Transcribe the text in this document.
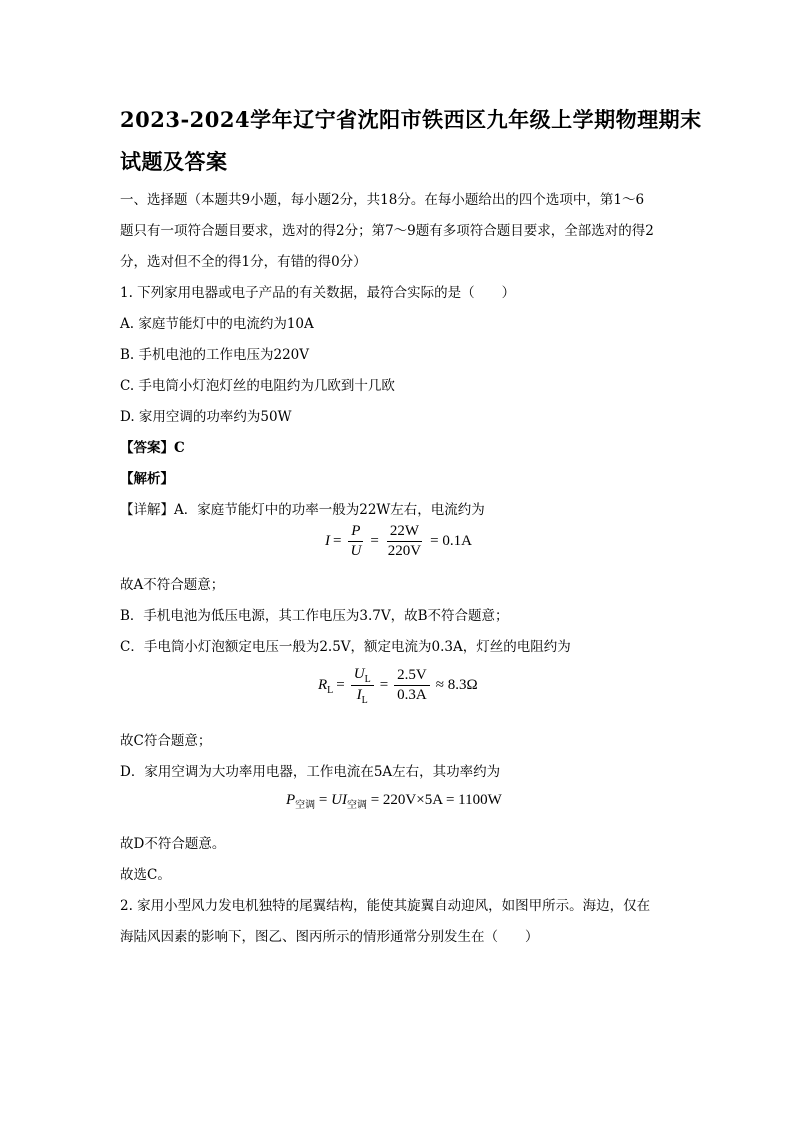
2023-2024学年辽宁省沈阳市铁西区九年级上学期物理期末
试题及答案
一、选择题（本题共9小题，每小题2分，共18分。在每小题给出的四个选项中，第1～6
题只有一项符合题目要求，选对的得2分；第7～9题有多项符合题目要求，全部选对的得2
分，选对但不全的得1分，有错的得0分）
1. 下列家用电器或电子产品的有关数据，最符合实际的是（　　）
A. 家庭节能灯中的电流约为10A
B. 手机电池的工作电压为220V
C. 手电筒小灯泡灯丝的电阻约为几欧到十几欧
D. 家用空调的功率约为50W
【答案】C
【解析】
【详解】A．家庭节能灯中的功率一般为22W左右，电流约为
$I = \frac{P}{U} = \frac{22W}{220V} = 0.1A$
故A不符合题意；
B．手机电池为低压电源，其工作电压为3.7V，故B不符合题意；
C．手电筒小灯泡额定电压一般为2.5V，额定电流为0.3A，灯丝的电阻约为
$R_L = \frac{U_L}{I_L} = \frac{2.5V}{0.3A} \approx 8.3\Omega$
故C符合题意；
D．家用空调为大功率用电器，工作电流在5A左右，其功率约为
$P_{空调} = UI_{空调} = 220V\times 5A = 1100W$
故D不符合题意。
故选C。
2. 家用小型风力发电机独特的尾翼结构，能使其旋翼自动迎风，如图甲所示。海边，仅在
海陆风因素的影响下，图乙、图丙所示的情形通常分别发生在（　　）
